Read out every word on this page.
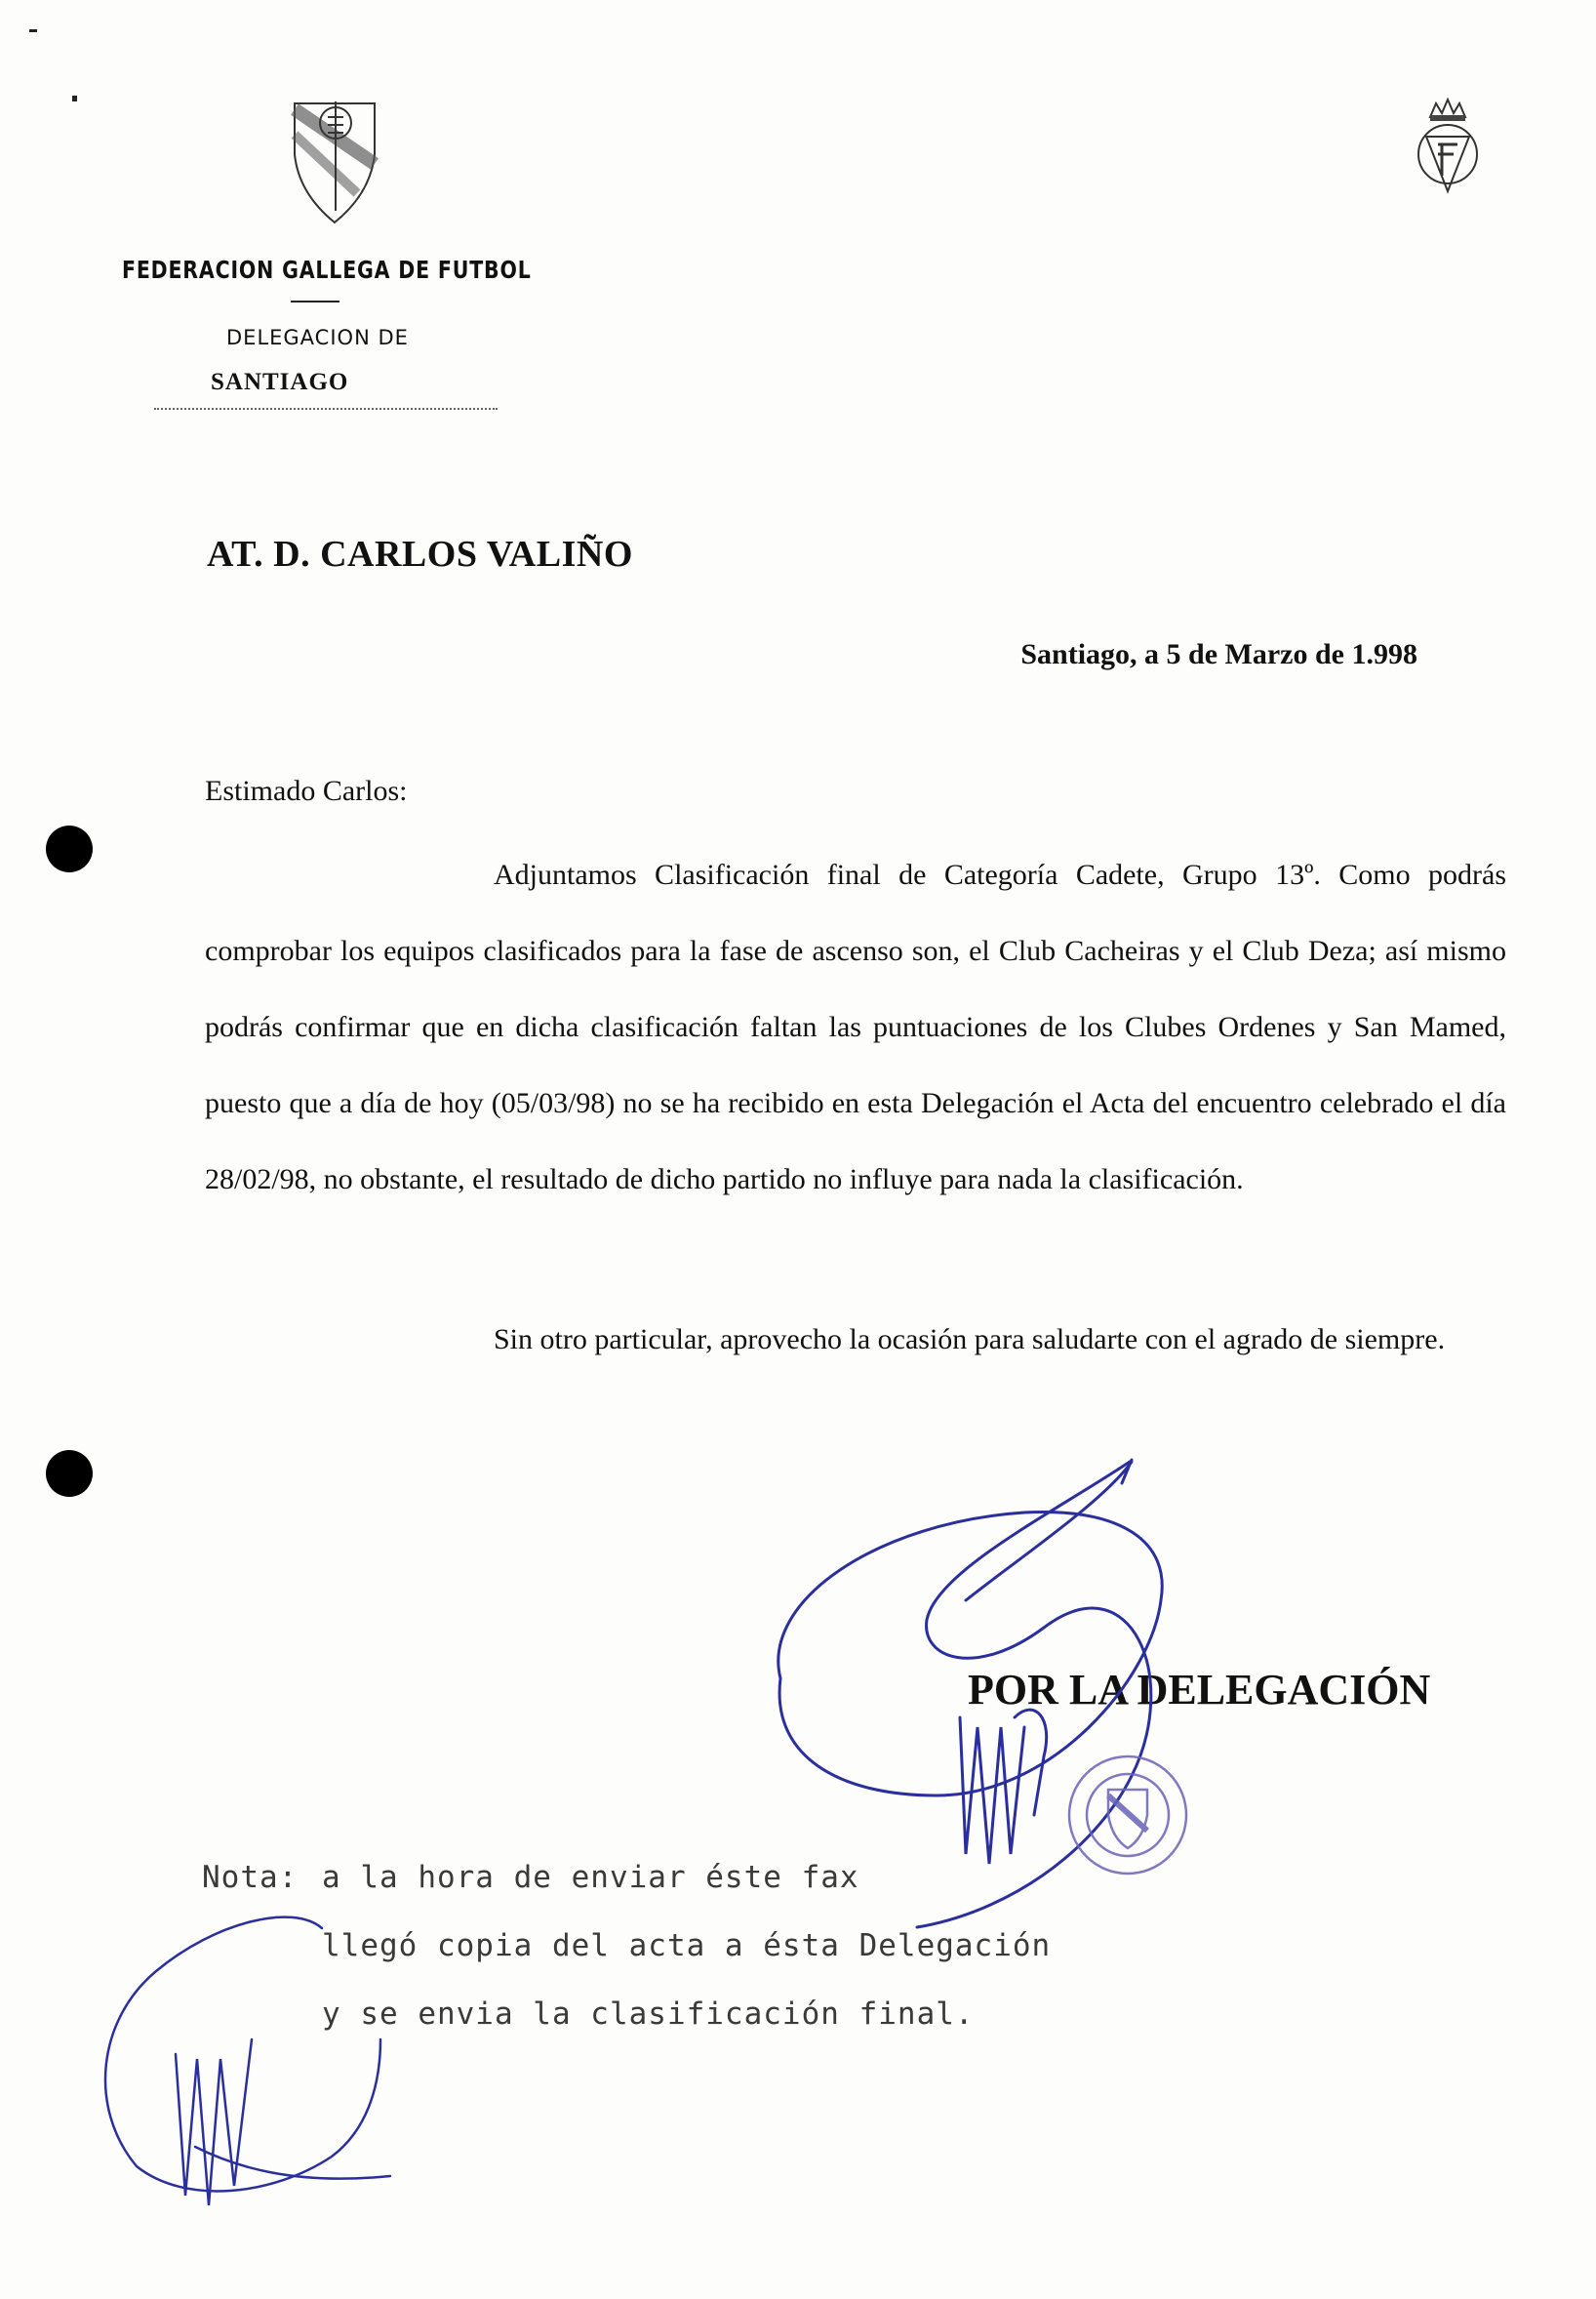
FEDERACION GALLEGA DE FUTBOL
DELEGACION DE
SANTIAGO
AT. D. CARLOS VALIÑO
Santiago, a 5 de Marzo de 1.998
Estimado Carlos:
Adjuntamos Clasificación final de Categoría Cadete, Grupo 13º. Como podrás comprobar los equipos clasificados para la fase de ascenso son, el Club Cacheiras y el Club Deza; así mismo podrás confirmar que en dicha clasificación faltan las puntuaciones de los Clubes Ordenes y San Mamed, puesto que a día de hoy (05/03/98) no se ha recibido en esta Delegación el Acta del encuentro celebrado el día 28/02/98, no obstante, el resultado de dicho partido no influye para nada la clasificación.
Sin otro particular, aprovecho la ocasión para saludarte con el agrado de siempre.
POR LA DELEGACIÓN
Nota: a la hora de enviar éste fax
llegó copia del acta a ésta Delegación
y se envia la clasificación final.
